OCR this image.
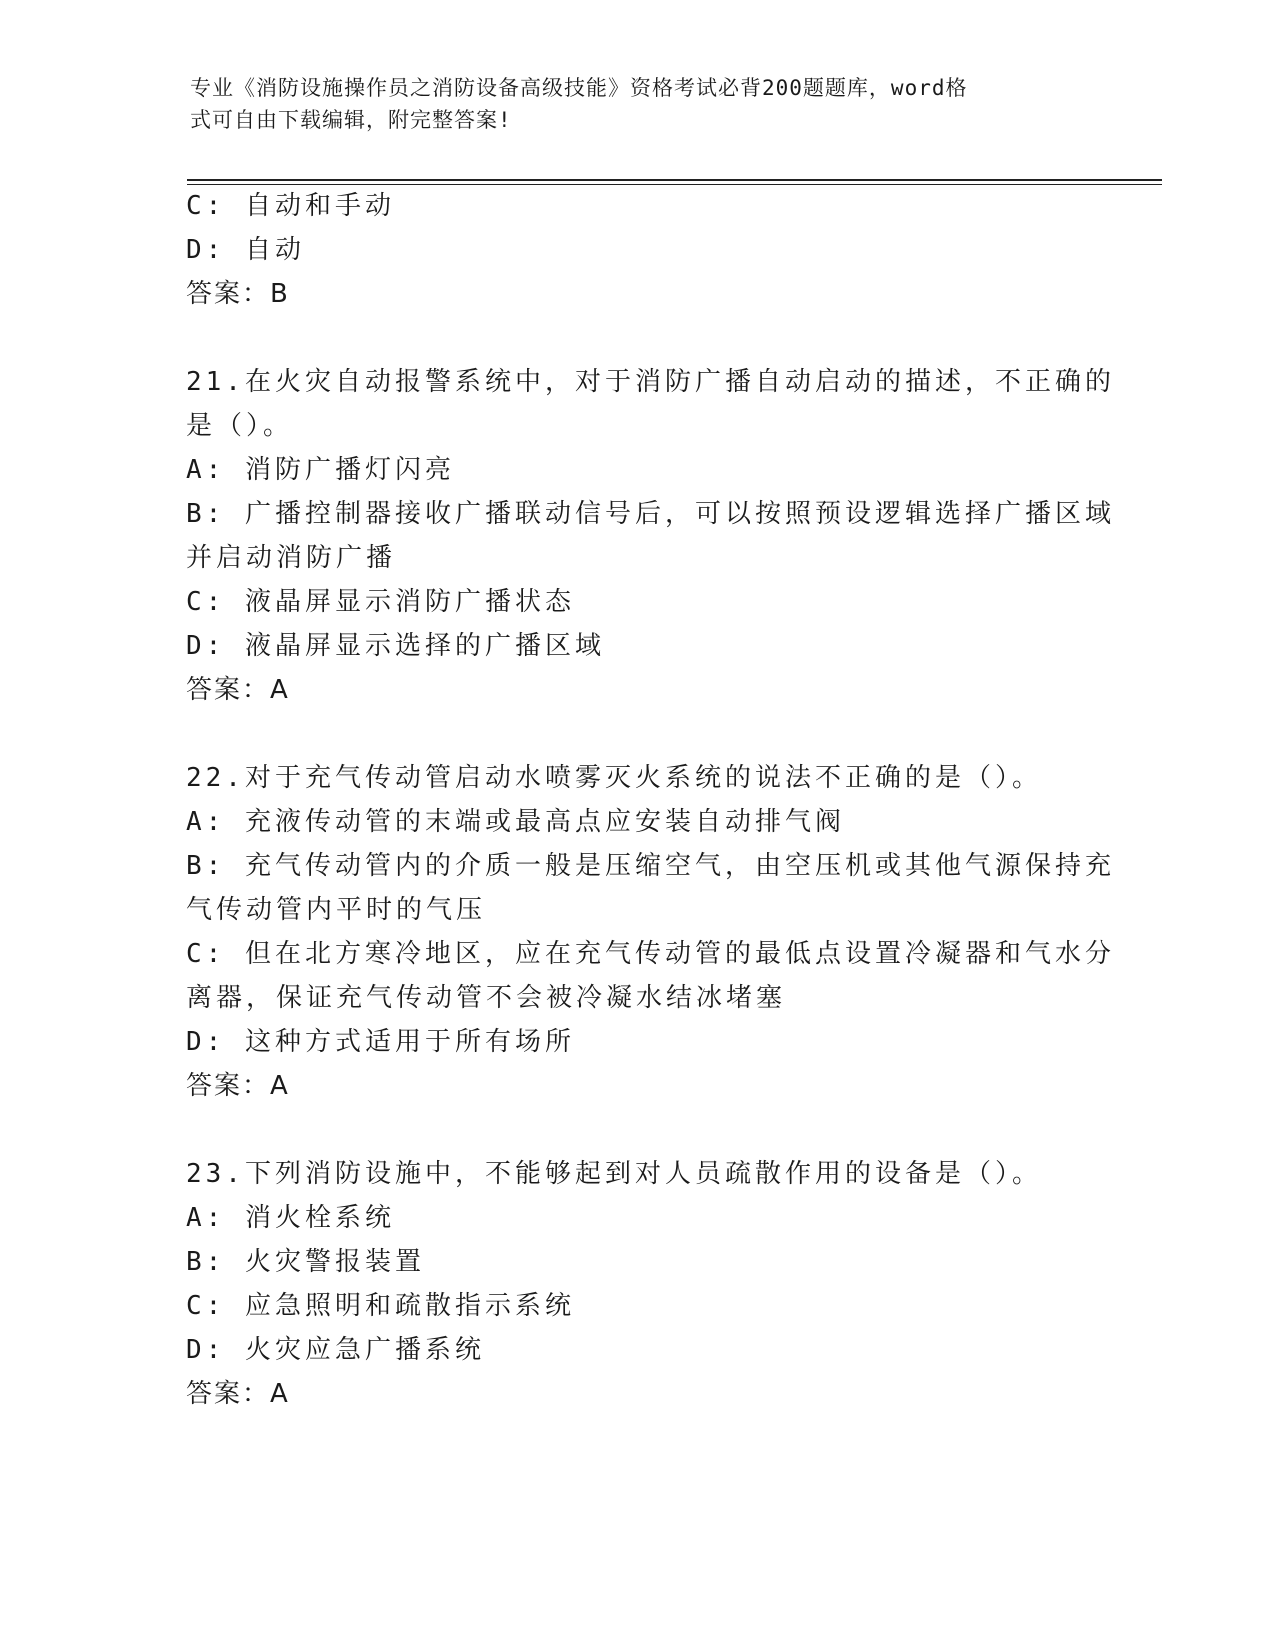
专业《消防设施操作员之消防设备高级技能》资格考试必背200题题库，word格
式可自由下载编辑，附完整答案!
C: 自动和手动
D: 自动
答案：B
21.在火灾自动报警系统中，对于消防广播自动启动的描述，不正确的
是（）。
A: 消防广播灯闪亮
B: 广播控制器接收广播联动信号后，可以按照预设逻辑选择广播区域
并启动消防广播
C: 液晶屏显示消防广播状态
D: 液晶屏显示选择的广播区域
答案：A
22.对于充气传动管启动水喷雾灭火系统的说法不正确的是（）。
A: 充液传动管的末端或最高点应安装自动排气阀
B: 充气传动管内的介质一般是压缩空气，由空压机或其他气源保持充
气传动管内平时的气压
C: 但在北方寒冷地区，应在充气传动管的最低点设置冷凝器和气水分
离器，保证充气传动管不会被冷凝水结冰堵塞
D: 这种方式适用于所有场所
答案：A
23.下列消防设施中，不能够起到对人员疏散作用的设备是（）。
A: 消火栓系统
B: 火灾警报装置
C: 应急照明和疏散指示系统
D: 火灾应急广播系统
答案：A
